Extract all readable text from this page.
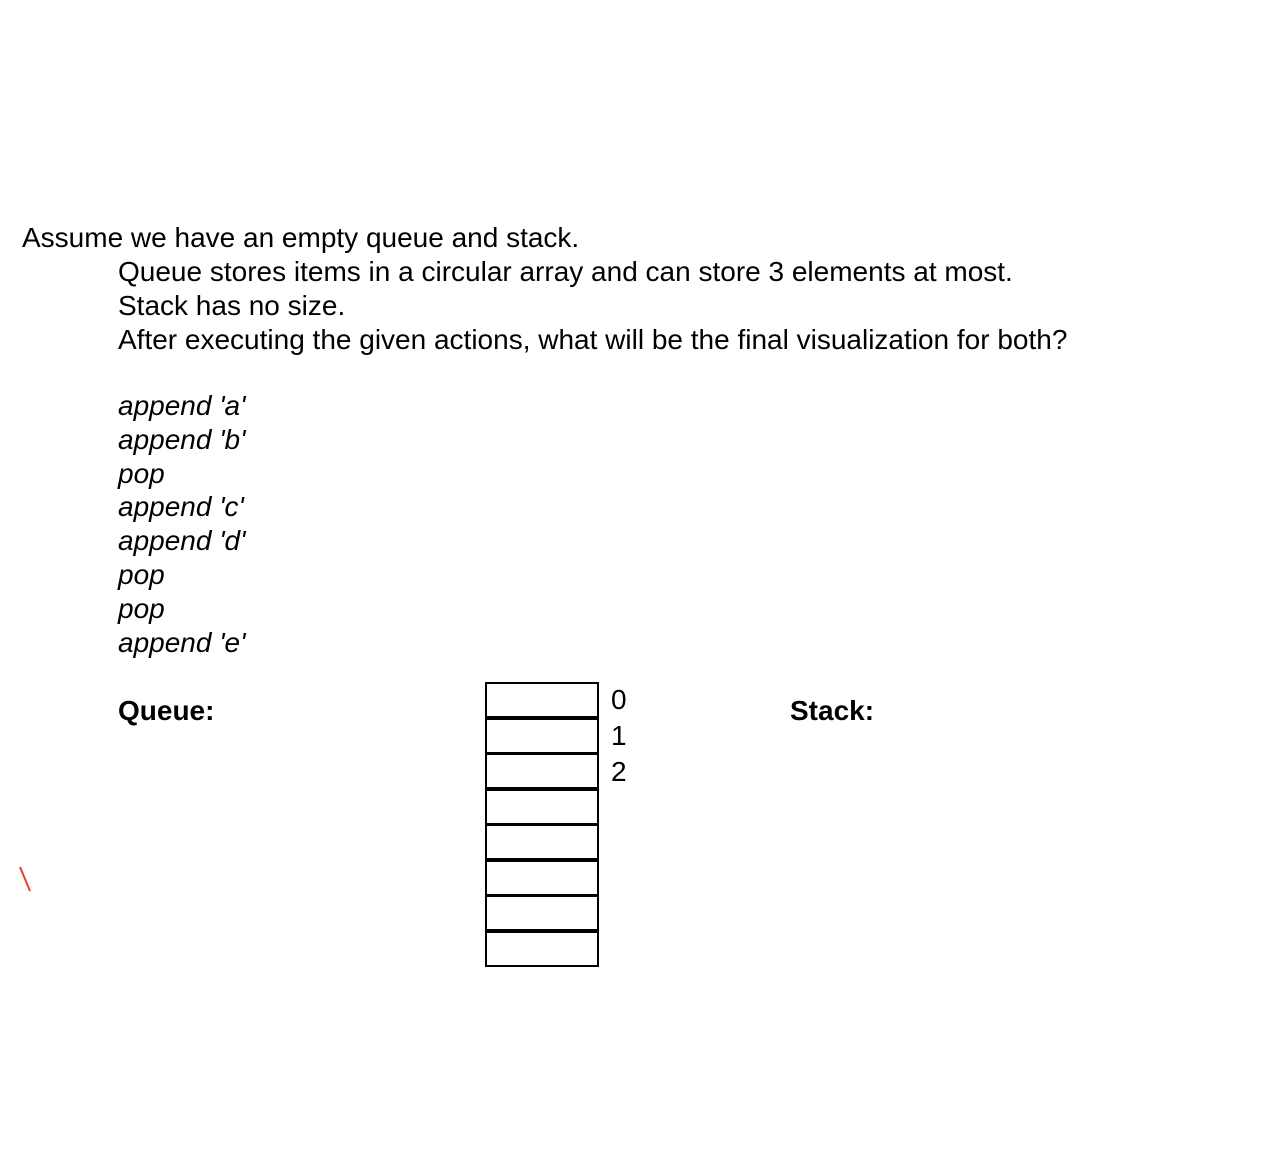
Assume we have an empty queue and stack.

Queue stores items in a circular array and can store 3 elements at most.

Stack has no size.

After executing the given actions, what will be the final visualization for both?

append 'a'
append 'b'
pop
append 'c'
append 'd'
pop
pop
append 'e'
Queue:	0
1
2
Stack:
